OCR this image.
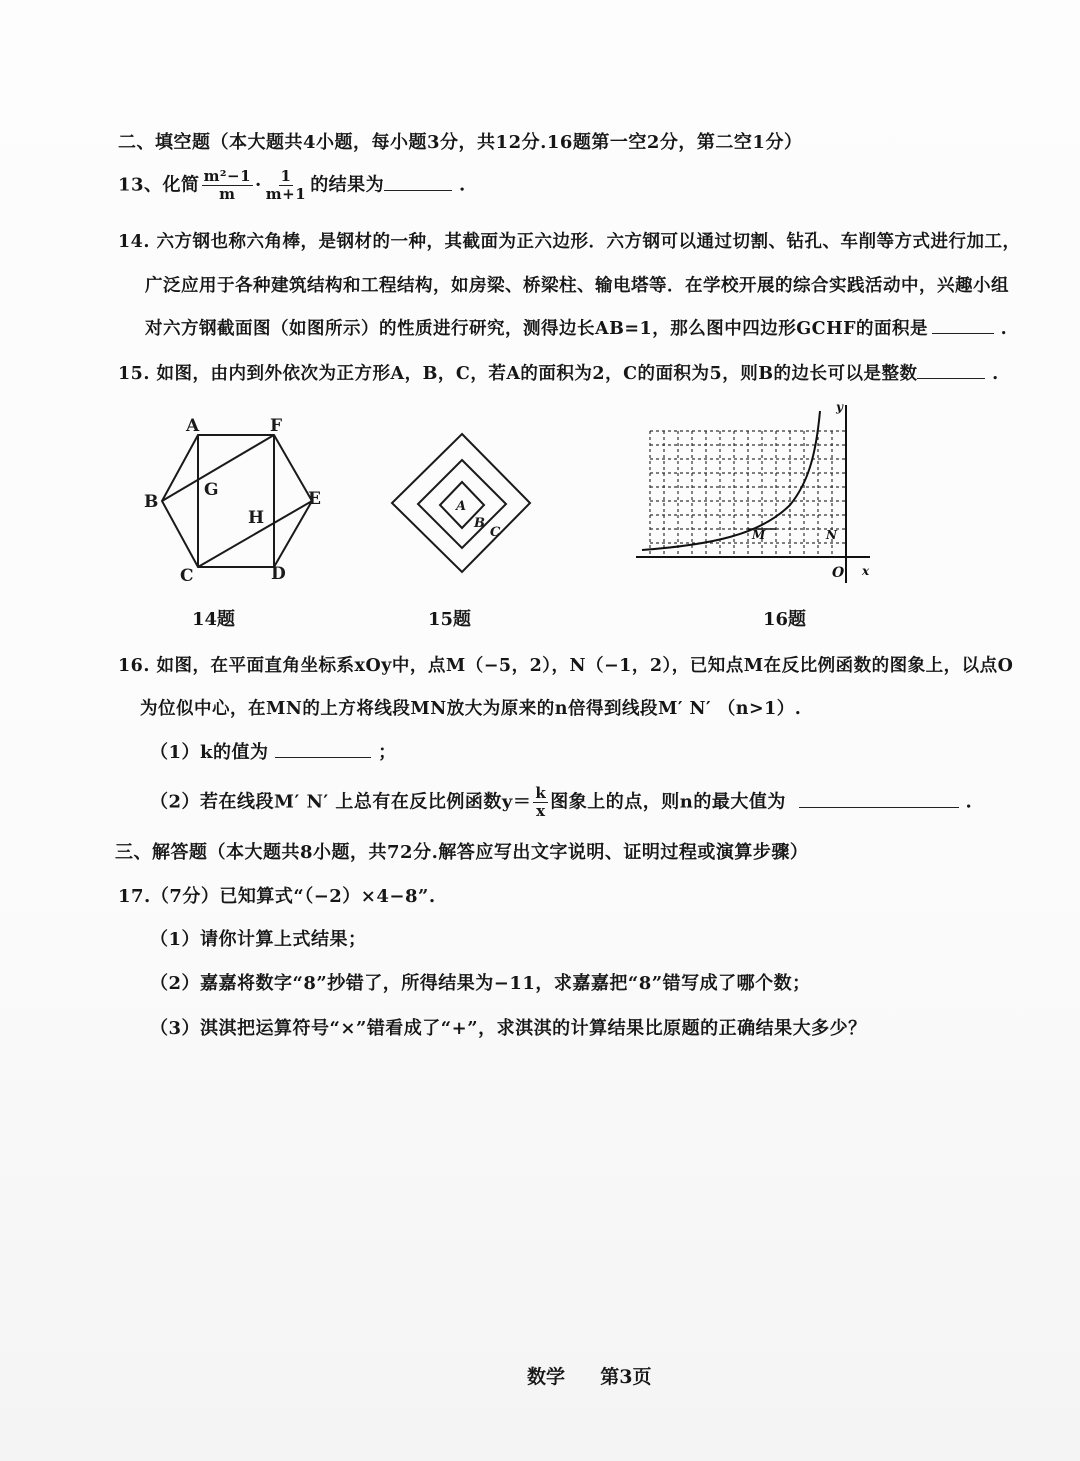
二、填空题（本大题共4小题，每小题3分，共12分.16题第一空2分，第二空1分）
13、化简 $\frac{\text{m²−1}}{m} \cdot \frac{1}{m+1}$ 的结果为	.
14. 六方钢也称六角棒，是钢材的一种，其截面为正六边形．六方钢可以通过切割、钻孔、车削等方式进行加工，
广泛应用于各种建筑结构和工程结构，如房梁、桥梁柱、输电塔等．在学校开展的综合实践活动中，兴趣小组
对六方钢截面图（如图所示）的性质进行研究，测得边长AB=1，那么图中四边形GCHF的面积是	.
15. 如图，由内到外依次为正方形A，B，C，若A的面积为2，C的面积为5，则B的边长可以是整数	.
A	F
B	E
C	D
G
H
14题
A
B
C
15题
y
x
O
M	N
16题
16. 如图，在平面直角坐标系xOy中，点M（−5，2），N（−1，2），已知点M在反比例函数的图象上，以点O
为位似中心，在MN的上方将线段MN放大为原来的n倍得到线段M′ N′ （n>1）.
（1）k的值为	；
（2）若在线段M′ N′ 上总有在反比例函数$y= \frac{k}{x}$ 图象上的点，则n的最大值为	.
三、解答题（本大题共8小题，共72分.解答应写出文字说明、证明过程或演算步骤）
17.（7分）已知算式“（−2）×4−8”.
（1）请你计算上式结果；
（2）嘉嘉将数字“8”抄错了，所得结果为−11，求嘉嘉把“8”错写成了哪个数；
（3）淇淇把运算符号“×”错看成了“+”，求淇淇的计算结果比原题的正确结果大多少？
数学 第3页
